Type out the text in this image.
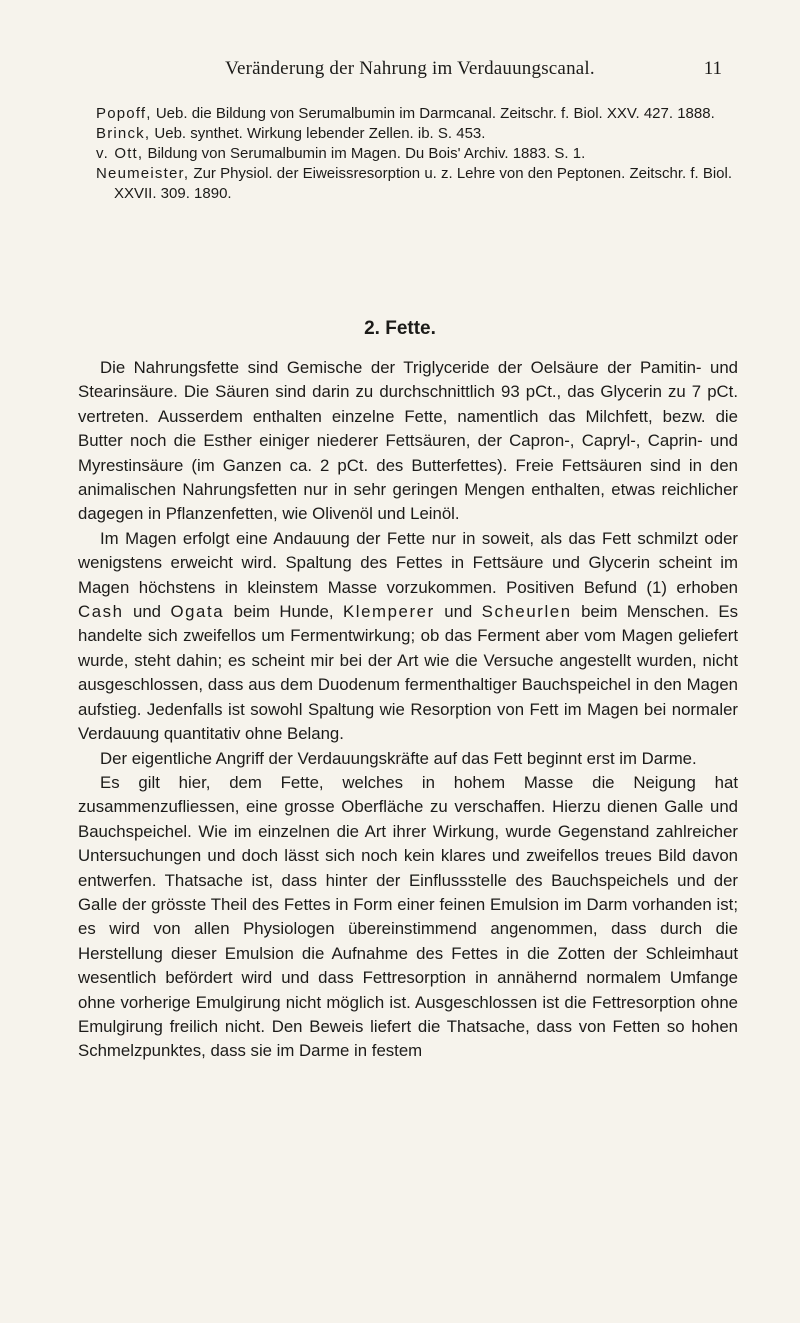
Veränderung der Nahrung im Verdauungscanal.	11
Popoff, Ueb. die Bildung von Serumalbumin im Darmcanal. Zeitschr. f. Biol. XXV. 427. 1888.
Brinck, Ueb. synthet. Wirkung lebender Zellen. ib. S. 453.
v. Ott, Bildung von Serumalbumin im Magen. Du Bois' Archiv. 1883. S. 1.
Neumeister, Zur Physiol. der Eiweissresorption u. z. Lehre von den Peptonen. Zeitschr. f. Biol. XXVII. 309. 1890.
2. Fette.

Die Nahrungsfette sind Gemische der Triglyceride der Oelsäure der Pamitin- und Stearinsäure. Die Säuren sind darin zu durchschnittlich 93 pCt., das Glycerin zu 7 pCt. vertreten. Ausserdem enthalten einzelne Fette, namentlich das Milchfett, bezw. die Butter noch die Esther einiger niederer Fettsäuren, der Capron-, Capryl-, Caprin- und Myrestinsäure (im Ganzen ca. 2 pCt. des Butterfettes). Freie Fettsäuren sind in den animalischen Nahrungsfetten nur in sehr geringen Mengen enthalten, etwas reichlicher dagegen in Pflanzenfetten, wie Olivenöl und Leinöl.

Im Magen erfolgt eine Andauung der Fette nur in soweit, als das Fett schmilzt oder wenigstens erweicht wird. Spaltung des Fettes in Fettsäure und Glycerin scheint im Magen höchstens in kleinstem Masse vorzukommen. Positiven Befund (1) erhoben Cash und Ogata beim Hunde, Klemperer und Scheurlen beim Menschen. Es handelte sich zweifellos um Fermentwirkung; ob das Ferment aber vom Magen geliefert wurde, steht dahin; es scheint mir bei der Art wie die Versuche angestellt wurden, nicht ausgeschlossen, dass aus dem Duodenum fermenthaltiger Bauchspeichel in den Magen aufstieg. Jedenfalls ist sowohl Spaltung wie Resorption von Fett im Magen bei normaler Verdauung quantitativ ohne Belang.

Der eigentliche Angriff der Verdauungskräfte auf das Fett beginnt erst im Darme.

Es gilt hier, dem Fette, welches in hohem Masse die Neigung hat zusammenzufliessen, eine grosse Oberfläche zu verschaffen. Hierzu dienen Galle und Bauchspeichel. Wie im einzelnen die Art ihrer Wirkung, wurde Gegenstand zahlreicher Untersuchungen und doch lässt sich noch kein klares und zweifellos treues Bild davon entwerfen. Thatsache ist, dass hinter der Einflussstelle des Bauchspeichels und der Galle der grösste Theil des Fettes in Form einer feinen Emulsion im Darm vorhanden ist; es wird von allen Physiologen übereinstimmend angenommen, dass durch die Herstellung dieser Emulsion die Aufnahme des Fettes in die Zotten der Schleimhaut wesentlich befördert wird und dass Fettresorption in annähernd normalem Umfange ohne vorherige Emulgirung nicht möglich ist. Ausgeschlossen ist die Fettresorption ohne Emulgirung freilich nicht. Den Beweis liefert die Thatsache, dass von Fetten so hohen Schmelzpunktes, dass sie im Darme in festem
